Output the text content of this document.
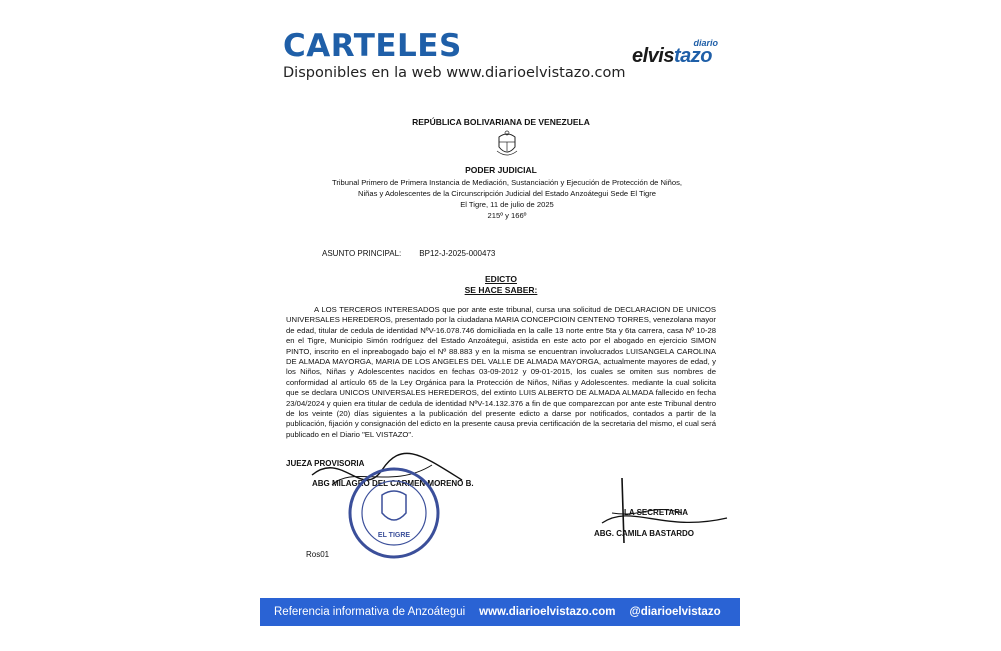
CARTELES
Disponibles en la web www.diarioelvistazo.com
diario
elvistazo
REPÚBLICA BOLIVARIANA DE VENEZUELA
PODER JUDICIAL
Tribunal Primero de Primera Instancia de Mediación, Sustanciación y Ejecución de Protección de Niños,
Niñas y Adolescentes de la Circunscripción Judicial del Estado Anzoátegui Sede El Tigre
El Tigre, 11 de julio de 2025
215º y 166º
ASUNTO PRINCIPAL: BP12-J-2025-000473
EDICTO
SE HACE SABER:

A LOS TERCEROS INTERESADOS que por ante este tribunal, cursa una solicitud de DECLARACION DE UNICOS UNIVERSALES HEREDEROS, presentado por la ciudadana MARIA CONCEPCIOIN CENTENO TORRES, venezolana mayor de edad, titular de cedula de identidad NºV-16.078.746 domiciliada en la calle 13 norte entre 5ta y 6ta carrera, casa Nº 10-28 en el Tigre, Municipio Simón rodríguez del Estado Anzoátegui, asistida en este acto por el abogado en ejercicio SIMON PINTO, inscrito en el inpreabogado bajo el Nº 88.883 y en la misma se encuentran involucrados LUISANGELA CAROLINA DE ALMADA MAYORGA, MARIA DE LOS ANGELES DEL VALLE DE ALMADA MAYORGA, actualmente mayores de edad, y los Niños, Niñas y Adolescentes nacidos en fechas 03-09-2012 y 09-01-2015, los cuales se omiten sus nombres de conformidad al artículo 65 de la Ley Orgánica para la Protección de Niños, Niñas y Adolescentes. mediante la cual solicita que se declara UNICOS UNIVERSALES HEREDEROS, del extinto LUIS ALBERTO DE ALMADA ALMADA fallecido en fecha 23/04/2024 y quien era titular de cedula de identidad NºV-14.132.376 a fin de que comparezcan por ante este Tribunal dentro de los veinte (20) días siguientes a la publicación del presente edicto a darse por notificados, contados a partir de la publicación, fijación y consignación del edicto en la presente causa previa certificación de la secretaria del mismo, el cual será publicado en el Diario "EL VISTAZO".

JUEZA PROVISORIA
ABG MILAGRO DEL CARMEN MORENO B.
EL TIGRE
LA SECRETARIA
ABG. CAMILA BASTARDO
Ros01
Referencia informativa de Anzoátegui www.diarioelvistazo.com @diarioelvistazo
